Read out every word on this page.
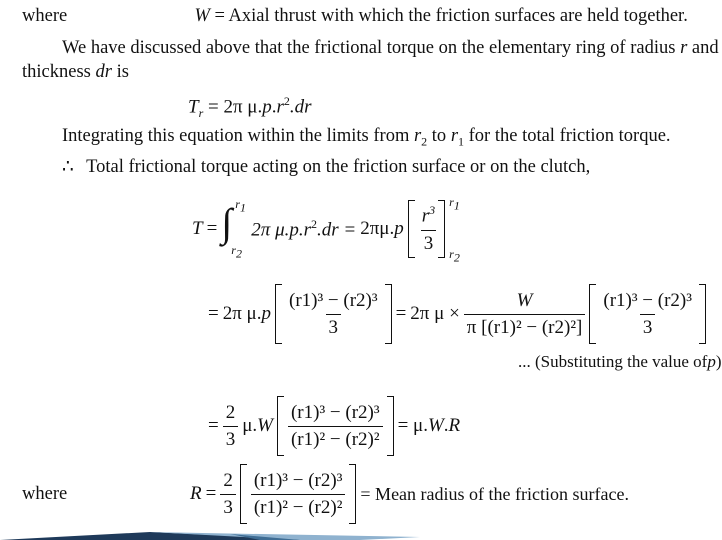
where	W = Axial thrust with which the friction surfaces are held together.
We have discussed above that the frictional torque on the elementary ring of radius r and
thickness dr is
$T_r = 2\pi$ $\mu.p.r^2.dr$
Integrating this equation within the limits from $r_2$ to $r_1$ for the total friction torque.
∴ Total frictional torque acting on the friction surface or on the clutch,
T = ∫ $r_1$
$r_2$
2π $\mu.p.r^2.dr = 2\pi\mu.p \frac{r^3}{3}$
$r_1$
$r_2$
= 2π $\mu.p \frac{\text{(r1)³ − (r2)³}}{3} = 2\pi$ $\mu \times \frac{W}{\text{π [(r1)² − (r2)²]}} \frac{\text{(r1)³ − (r2)³}}{3}$
... (Substituting the value ofp)
= $\frac{2}{3} \mu.W \frac{\text{(r1)³ − (r2)³}}{\text{(r1)² − (r2)²}} = \mu.W.R$
where	$R = \frac{2}{3} \frac{\text{(r1)³ − (r2)³}}{\text{(r1)² − (r2)²}}$ = Mean radius of the friction surface.
